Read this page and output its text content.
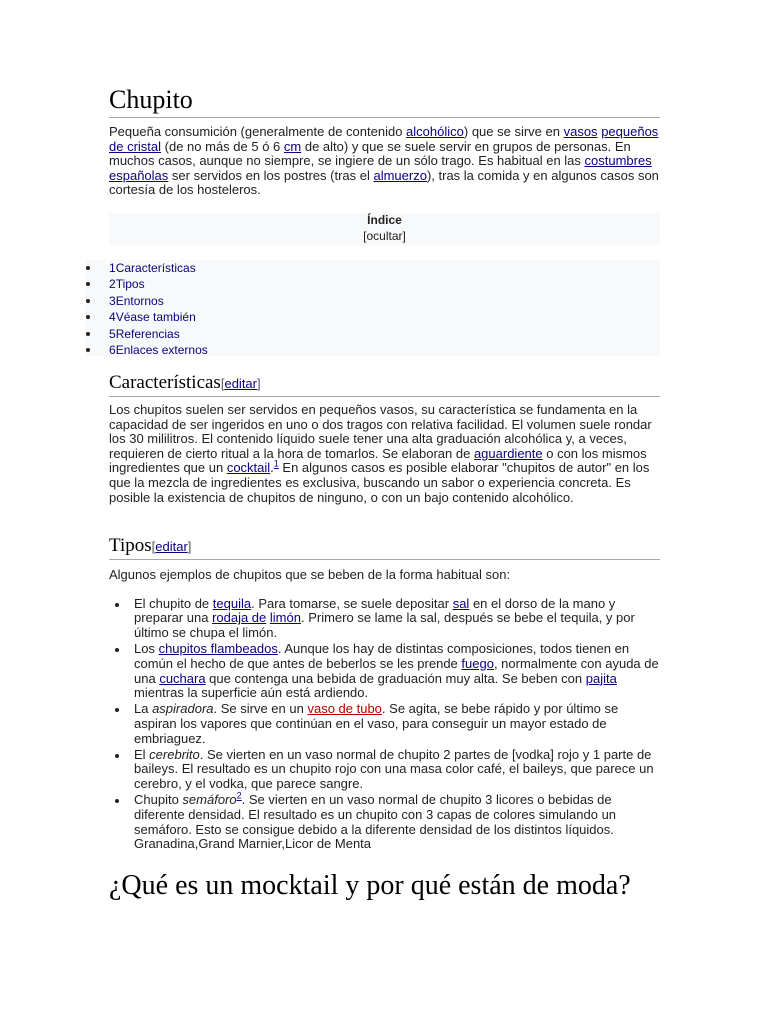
Chupito

Pequeña consumición (generalmente de contenido alcohólico) que se sirve en vasos pequeños de cristal (de no más de 5 ó 6 cm de alto) y que se suele servir en grupos de personas. En muchos casos, aunque no siempre, se ingiere de un sólo trago. Es habitual en las costumbres españolas ser servidos en los postres (tras el almuerzo), tras la comida y en algunos casos son cortesía de los hosteleros.

Índice
[ocultar]
1Características
2Tipos
3Entornos
4Véase también
5Referencias
6Enlaces externos
Características[editar]

Los chupitos suelen ser servidos en pequeños vasos, su característica se fundamenta en la capacidad de ser ingeridos en uno o dos tragos con relativa facilidad. El volumen suele rondar los 30 mililitros. El contenido líquido suele tener una alta graduación alcohólica y, a veces, requieren de cierto ritual a la hora de tomarlos. Se elaboran de aguardiente o con los mismos ingredientes que un cocktail.$^1$ En algunos casos es posible elaborar "chupitos de autor" en los que la mezcla de ingredientes es exclusiva, buscando un sabor o experiencia concreta. Es posible la existencia de chupitos de ninguno, o con un bajo contenido alcohólico.

Tipos[editar]

Algunos ejemplos de chupitos que se beben de la forma habitual son:

El chupito de tequila. Para tomarse, se suele depositar sal en el dorso de la mano y preparar una rodaja de limón. Primero se lame la sal, después se bebe el tequila, y por último se chupa el limón.
Los chupitos flambeados. Aunque los hay de distintas composiciones, todos tienen en común el hecho de que antes de beberlos se les prende fuego, normalmente con ayuda de una cuchara que contenga una bebida de graduación muy alta. Se beben con pajita mientras la superficie aún está ardiendo.
La aspiradora. Se sirve en un vaso de tubo. Se agita, se bebe rápido y por último se aspiran los vapores que continúan en el vaso, para conseguir un mayor estado de embriaguez.
El cerebrito. Se vierten en un vaso normal de chupito 2 partes de [vodka] rojo y 1 parte de baileys. El resultado es un chupito rojo con una masa color café, el baileys, que parece un cerebro, y el vodka, que parece sangre.
Chupito semáforo$^2$. Se vierten en un vaso normal de chupito 3 licores o bebidas de diferente densidad. El resultado es un chupito con 3 capas de colores simulando un semáforo. Esto se consigue debido a la diferente densidad de los distintos líquidos. Granadina,Grand Marnier,Licor de Menta
¿Qué es un mocktail y por qué están de moda?
